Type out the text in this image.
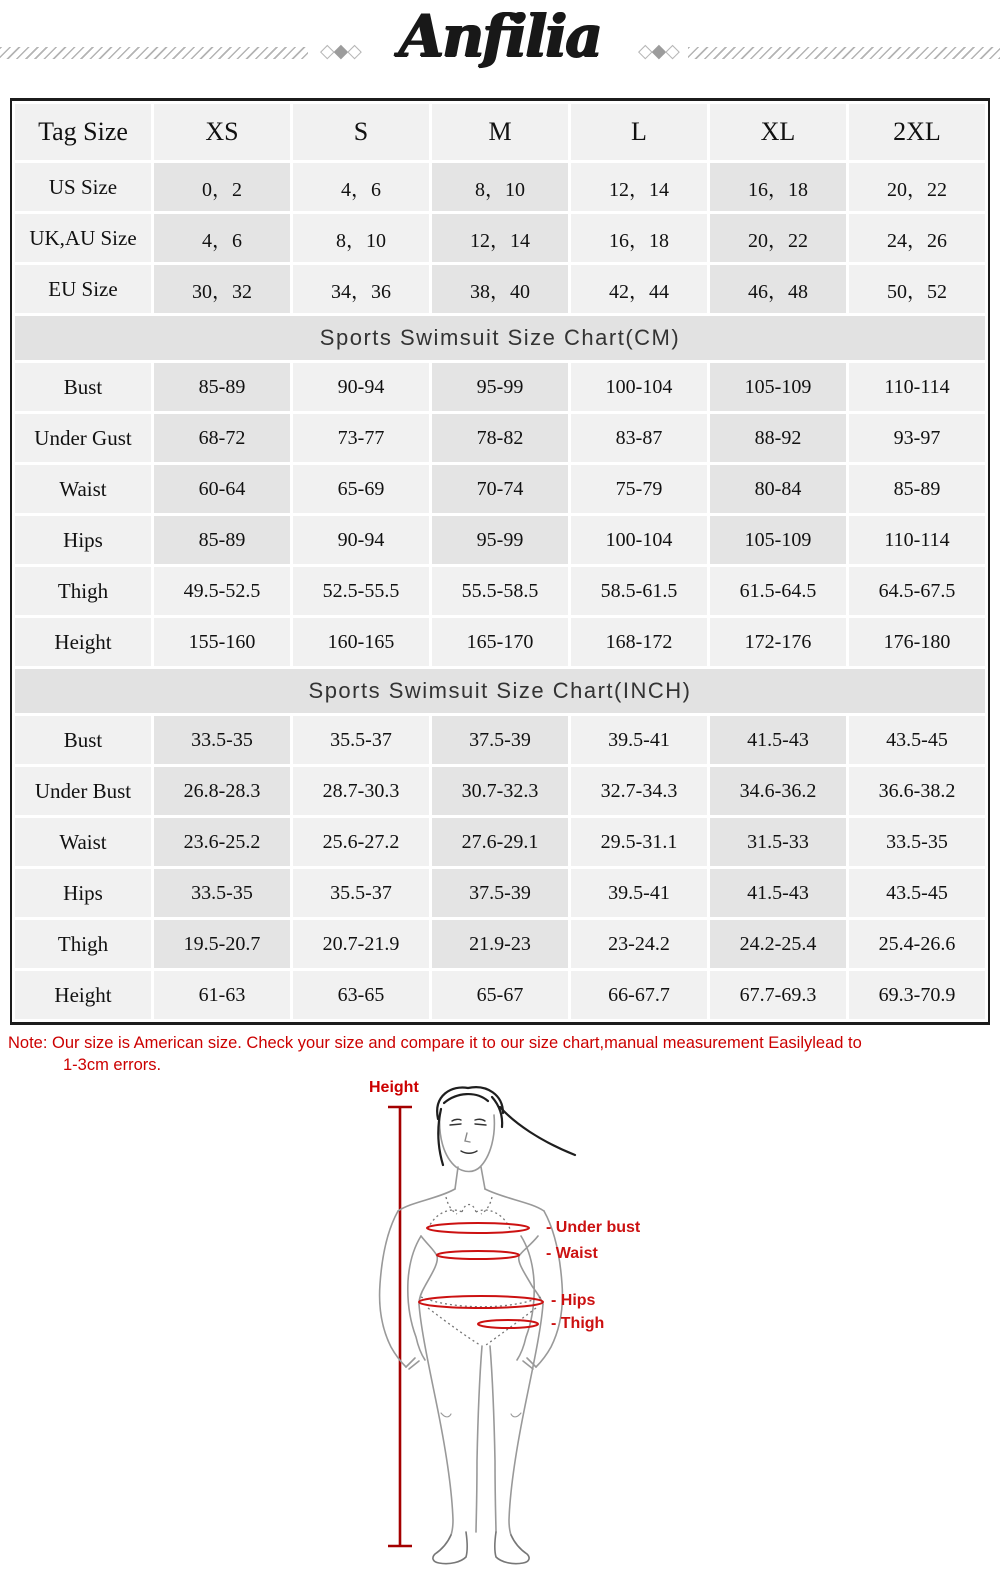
◇◆◇ Anfilia	◇◆◇
Tag Size	XS	S	M	L	XL	2XL
US Size	0，2	4，6	8，10	12，14	16，18	20，22
UK,AU Size	4，6	8，10	12，14	16，18	20，22	24，26
EU Size	30，32	34，36	38，40	42，44	46，48	50，52
Sports Swimsuit Size Chart(CM)						
Bust	85-89	90-94	95-99	100-104	105-109	110-114
Under Gust	68-72	73-77	78-82	83-87	88-92	93-97
Waist	60-64	65-69	70-74	75-79	80-84	85-89
Hips	85-89	90-94	95-99	100-104	105-109	110-114
Thigh	49.5-52.5	52.5-55.5	55.5-58.5	58.5-61.5	61.5-64.5	64.5-67.5
Height	155-160	160-165	165-170	168-172	172-176	176-180
Sports Swimsuit Size Chart(INCH)						
Bust	33.5-35	35.5-37	37.5-39	39.5-41	41.5-43	43.5-45
Under Bust	26.8-28.3	28.7-30.3	30.7-32.3	32.7-34.3	34.6-36.2	36.6-38.2
Waist	23.6-25.2	25.6-27.2	27.6-29.1	29.5-31.1	31.5-33	33.5-35
Hips	33.5-35	35.5-37	37.5-39	39.5-41	41.5-43	43.5-45
Thigh	19.5-20.7	20.7-21.9	21.9-23	23-24.2	24.2-25.4	25.4-26.6
Height	61-63	63-65	65-67	66-67.7	67.7-69.3	69.3-70.9
Note: Our size is American size. Check your size and compare it to our size chart,manual measurement Easilylead to
1-3cm errors.
Height
- Under bust
- Waist
- Hips
- Thigh
